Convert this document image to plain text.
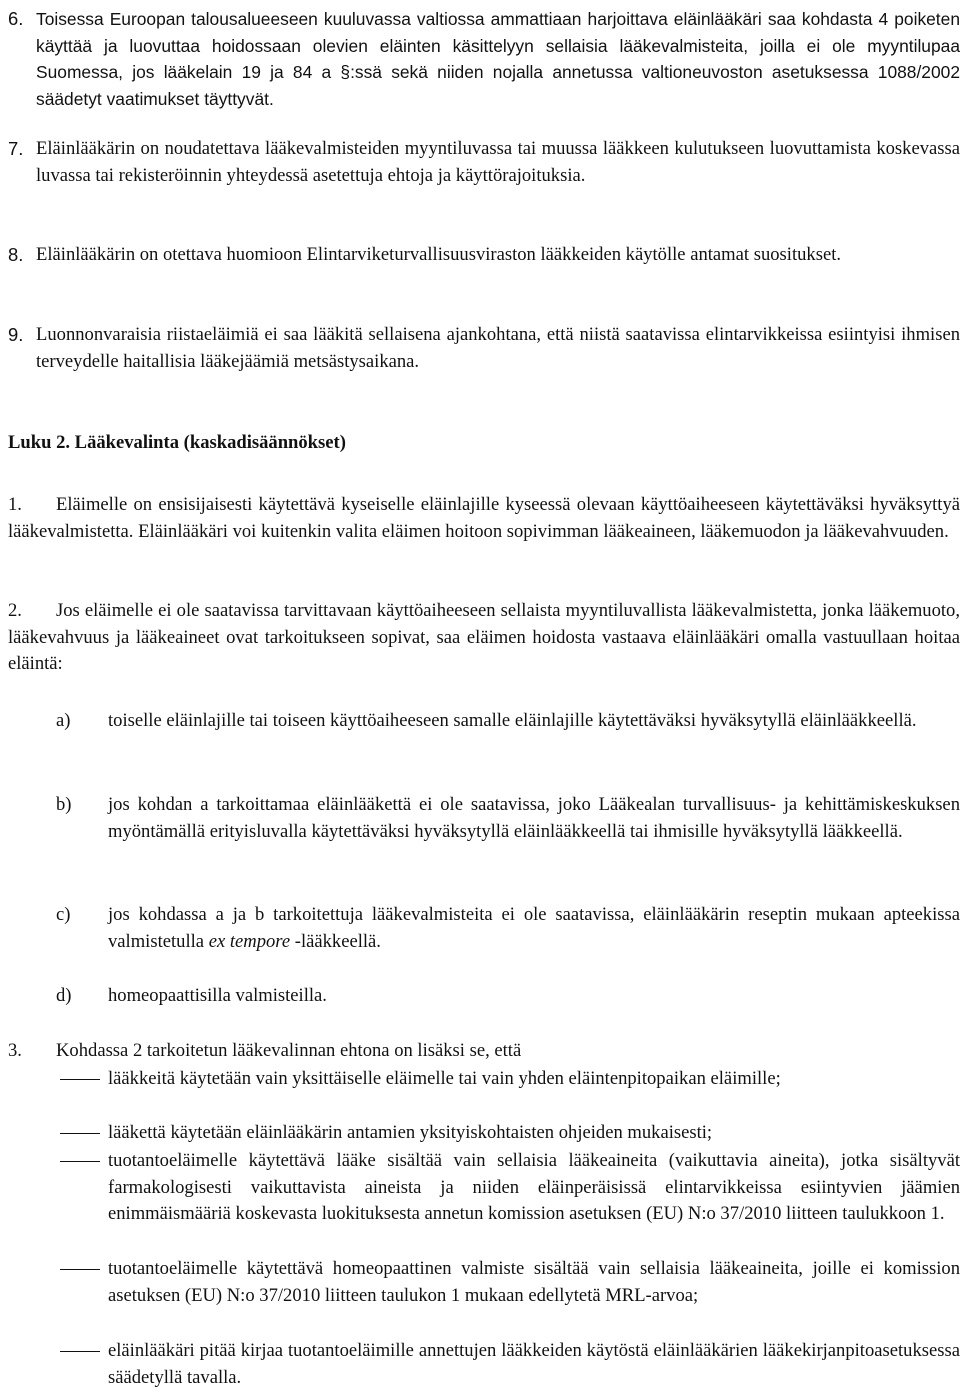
6. Toisessa Euroopan talousalueeseen kuuluvassa valtiossa ammattiaan harjoittava eläinlääkäri saa kohdasta 4 poiketen käyttää ja luovuttaa hoidossaan olevien eläinten käsittelyyn sellaisia lääkevalmisteita, joilla ei ole myyntilupaa Suomessa, jos lääkelain 19 ja 84 a §:ssä sekä niiden nojalla annetussa valtioneuvoston asetuksessa 1088/2002 säädetyt vaatimukset täyttyvät.
7. Eläinlääkärin on noudatettava lääkevalmisteiden myyntiluvassa tai muussa lääkkeen kulutukseen luovuttamista koskevassa luvassa tai rekisteröinnin yhteydessä asetettuja ehtoja ja käyttörajoituksia.
8. Eläinlääkärin on otettava huomioon Elintarviketurvallisuusviraston lääkkeiden käytölle antamat suositukset.
9. Luonnonvaraisia riistaeläimiä ei saa lääkitä sellaisena ajankohtana, että niistä saatavissa elintarvikkeissa esiintyisi ihmisen terveydelle haitallisia lääkejäämiä metsästysaikana.
Luku 2. Lääkevalinta (kaskadisäännökset)
1.	Eläimelle on ensisijaisesti käytettävä kyseiselle eläinlajille kyseessä olevaan käyttöaiheeseen käytettäväksi hyväksyttyä lääkevalmistetta. Eläinlääkäri voi kuitenkin valita eläimen hoitoon sopivimman lääkeaineen, lääkemuodon ja lääkevahvuuden.
2.	Jos eläimelle ei ole saatavissa tarvittavaan käyttöaiheeseen sellaista myyntiluvallista lääkevalmistetta, jonka lääkemuoto, lääkevahvuus ja lääkeaineet ovat tarkoitukseen sopivat, saa eläimen hoidosta vastaava eläinlääkäri omalla vastuullaan hoitaa eläintä:
a)	toiselle eläinlajille tai toiseen käyttöaiheeseen samalle eläinlajille käytettäväksi hyväksytyllä eläinlääkkeellä.
b)	jos kohdan a tarkoittamaa eläinlääkettä ei ole saatavissa, joko Lääkealan turvallisuus- ja kehittämiskeskuksen myöntämällä erityisluvalla käytettäväksi hyväksytyllä eläinlääkkeellä tai ihmisille hyväksytyllä lääkkeellä.
c)	jos kohdassa a ja b tarkoitettuja lääkevalmisteita ei ole saatavissa, eläinlääkärin reseptin mukaan apteekissa valmistetulla ex tempore -lääkkeellä.
d)	homeopaattisilla valmisteilla.
3.	Kohdassa 2 tarkoitetun lääkevalinnan ehtona on lisäksi se, että
lääkkeitä käytetään vain yksittäiselle eläimelle tai vain yhden eläintenpitopaikan eläimille;
lääkettä käytetään eläinlääkärin antamien yksityiskohtaisten ohjeiden mukaisesti;
tuotantoeläimelle käytettävä lääke sisältää vain sellaisia lääkeaineita (vaikuttavia aineita), jotka sisältyvät farmakologisesti vaikuttavista aineista ja niiden eläinperäisissä elintarvikkeissa esiintyvien jäämien enimmäismääriä koskevasta luokituksesta annetun komission asetuksen (EU) N:o 37/2010 liitteen taulukkoon 1.
tuotantoeläimelle käytettävä homeopaattinen valmiste sisältää vain sellaisia lääkeaineita, joille ei komission asetuksen (EU) N:o 37/2010 liitteen taulukon 1 mukaan edellytetä MRL-arvoa;
eläinlääkäri pitää kirjaa tuotantoeläimille annettujen lääkkeiden käytöstä eläinlääkärien lääkekirjanpitoasetuksessa säädetyllä tavalla.
